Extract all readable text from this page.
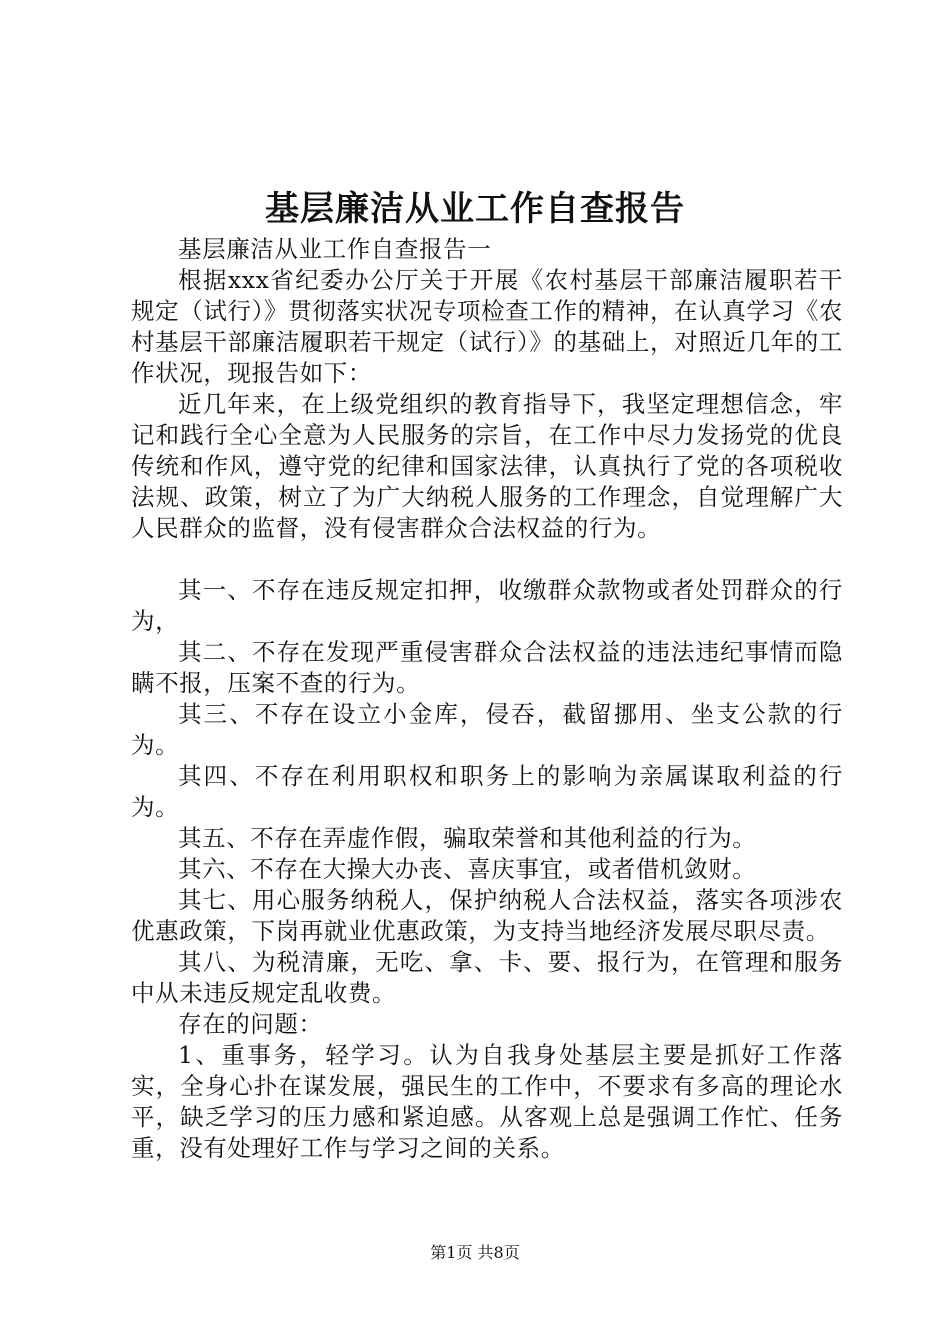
基层廉洁从业工作自查报告

基层廉洁从业工作自查报告一

根据xxx省纪委办公厅关于开展《农村基层干部廉洁履职若干规定（试行）》贯彻落实状况专项检查工作的精神，在认真学习《农村基层干部廉洁履职若干规定（试行）》的基础上，对照近几年的工作状况，现报告如下：

近几年来，在上级党组织的教育指导下，我坚定理想信念，牢记和践行全心全意为人民服务的宗旨，在工作中尽力发扬党的优良传统和作风，遵守党的纪律和国家法律，认真执行了党的各项税收法规、政策，树立了为广大纳税人服务的工作理念，自觉理解广大人民群众的监督，没有侵害群众合法权益的行为。

其一、不存在违反规定扣押，收缴群众款物或者处罚群众的行为，

其二、不存在发现严重侵害群众合法权益的违法违纪事情而隐瞒不报，压案不查的行为。

其三、不存在设立小金库，侵吞，截留挪用、坐支公款的行为。

其四、不存在利用职权和职务上的影响为亲属谋取利益的行为。

其五、不存在弄虚作假，骗取荣誉和其他利益的行为。

其六、不存在大操大办丧、喜庆事宜，或者借机敛财。

其七、用心服务纳税人，保护纳税人合法权益，落实各项涉农优惠政策，下岗再就业优惠政策，为支持当地经济发展尽职尽责。

其八、为税清廉，无吃、拿、卡、要、报行为，在管理和服务中从未违反规定乱收费。

存在的问题：

1、重事务，轻学习。认为自我身处基层主要是抓好工作落实，全身心扑在谋发展，强民生的工作中，不要求有多高的理论水平，缺乏学习的压力感和紧迫感。从客观上总是强调工作忙、任务重，没有处理好工作与学习之间的关系。

第1页 共8页
